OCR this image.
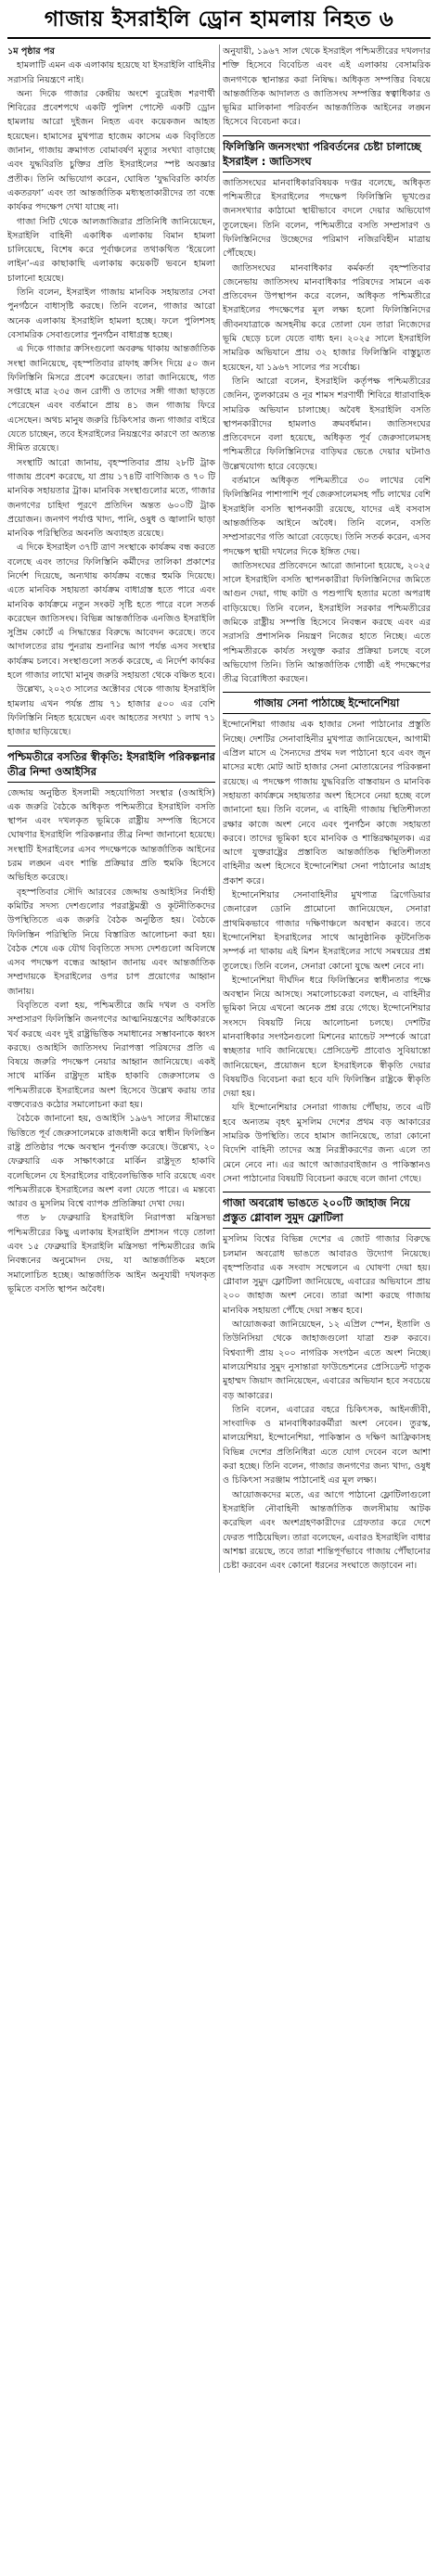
গাজায় ইসরাইলি ড্রোন হামলায় নিহত ৬

১ম পৃষ্ঠার পর

হামলাটি এমন এক এলাকায় হয়েছে যা ইসরাইলি বাহিনীর সরাসরি নিয়ন্ত্রণে নাই।

অন্য দিকে গাজার কেন্দ্রীয় অংশে বুরেইজ শরণার্থী শিবিরের প্রবেশপথে একটি পুলিশ পোস্টে একটি ড্রোন হামলায় আরো দুইজন নিহত এবং কয়েকজন আহত হয়েছেন। হামাসের মুখপাত্র হাজেম কাসেম এক বিবৃতিতে জানান, গাজায় ক্রমাগত বোমাবর্ষণ মৃত্যুর সংখ্যা বাড়াচ্ছে এবং যুদ্ধবিরতি চুক্তির প্রতি ইসরাইলের স্পষ্ট অবজ্ঞার প্রতীক। তিনি অভিযোগ করেন, ঘোষিত ‘যুদ্ধবিরতি কার্যত একতরফা’ এবং তা আন্তর্জাতিক মধ্যস্থতাকারীদের তা বন্ধে কার্যকর পদক্ষেপ দেখা যাচ্ছে না।

গাজা সিটি থেকে আলজাজিরার প্রতিনিধি জানিয়েছেন, ইসরাইলি বাহিনী একাধিক এলাকায় বিমান হামলা চালিয়েছে, বিশেষ করে পূর্বাঞ্চলের তথাকথিত ‘ইয়েলো লাইন’-এর কাছাকাছি এলাকায় কয়েকটি ভবনে হামলা চালানো হয়েছে।

তিনি বলেন, ইসরাইল গাজায় মানবিক সহায়তার সেবা পুনর্গঠনে বাধাসৃষ্টি করছে। তিনি বলেন, গাজার আরো অনেক এলাকায় ইসরাইলি হামলা হচ্ছে। ফলে পুলিশসহ বেসামরিক সেবাগুলোর পুনর্গঠন বাধাগ্রস্ত হচ্ছে।

এ দিকে গাজার ক্রসিংগুলো অবরুদ্ধ থাকায় আন্তর্জাতিক সংস্থা জানিয়েছে, বৃহস্পতিবার রাফাহ ক্রসিং দিয়ে ৫০ জন ফিলিস্তিনি মিসরে প্রবেশ করেছেন। তারা জানিয়েছে, গত সপ্তাহে মাত্র ২৩৫ জন রোগী ও তাদের সঙ্গী গাজা ছাড়তে পেরেছেন এবং বর্তমানে প্রায় ৪১ জন গাজায় ফিরে এসেছেন। অথচ মানুষ জরুরি চিকিৎসার জন্য গাজার বাইরে যেতে চাচ্ছেন, তবে ইসরাইলের নিয়ন্ত্রণের কারণে তা অত্যন্ত সীমিত রয়েছে।

সংস্থাটি আরো জানায়, বৃহস্পতিবার প্রায় ২৮টি ট্রাক গাজায় প্রবেশ করেছে, যা প্রায় ১৭৪টি বাণিজ্যিক ও ৭০ টি মানবিক সহায়তার ট্রাক। মানবিক সংস্থাগুলোর মতে, গাজার জনগণের চাহিদা পূরণে প্রতিদিন অন্তত ৬০০টি ট্রাক প্রয়োজন। জনগণ পর্যাপ্ত খাদ্য, পানি, ওষুধ ও জ্বালানি ছাড়া মানবিক পরিস্থিতির অবনতি অব্যাহত রয়েছে।

এ দিকে ইসরাইল ৩৭টি ত্রাণ সংস্থাকে কার্যক্রম বন্ধ করতে বলেছে এবং তাদের ফিলিস্তিনি কর্মীদের তালিকা প্রকাশের নির্দেশ দিয়েছে, অন্যথায় কার্যক্রম বন্ধের হুমকি দিয়েছে। এতে মানবিক সহায়তা কার্যক্রম বাধাগ্রস্ত হতে পারে এবং মানবিক কার্যক্রমে নতুন সংকট সৃষ্টি হতে পারে বলে সতর্ক করেছেন জাতিসংঘ। বিভিন্ন আন্তর্জাতিক এনজিও ইসরাইলি সুপ্রিম কোর্টে এ সিদ্ধান্তের বিরুদ্ধে আবেদন করেছে। তবে আদালতের রায় পুনরায় শুনানির আগ পর্যন্ত এসব সংস্থার কার্যক্রম চলবে। সংস্থাগুলো সতর্ক করেছে, এ নির্দেশ কার্যকর হলে গাজার লাখো মানুষ জরুরি সহায়তা থেকে বঞ্চিত হবে।

উল্লেখ্য, ২০২৩ সালের অক্টোবর থেকে গাজায় ইসরাইলি হামলায় এখন পর্যন্ত প্রায় ৭১ হাজার ৫০০ এর বেশি ফিলিস্তিনি নিহত হয়েছেন এবং আহতের সংখ্যা ১ লাখ ৭১ হাজার ছাড়িয়েছে।

পশ্চিমতীরে বসতির স্বীকৃতি: ইসরাইলি পরিকল্পনার তীব্র নিন্দা ওআইসির

জেদ্দায় অনুষ্ঠিত ইসলামী সহযোগিতা সংস্থার (ওআইসি) এক জরুরি বৈঠকে অধিকৃত পশ্চিমতীরে ইসরাইলি বসতি স্থাপন এবং দখলকৃত ভূমিকে রাষ্ট্রীয় সম্পত্তি হিসেবে ঘোষণার ইসরাইলি পরিকল্পনার তীব্র নিন্দা জানানো হয়েছে। সংস্থাটি ইসরাইলের এসব পদক্ষেপকে আন্তর্জাতিক আইনের চরম লঙ্ঘন এবং শান্তি প্রক্রিয়ার প্রতি হুমকি হিসেবে অভিহিত করেছে।

বৃহস্পতিবার সৌদি আরবের জেদ্দায় ওআইসির নির্বাহী কমিটির সদস্য দেশগুলোর পররাষ্ট্রমন্ত্রী ও কূটনীতিকদের উপস্থিতিতে এক জরুরি বৈঠক অনুষ্ঠিত হয়। বৈঠকে ফিলিস্তিন পরিস্থিতি নিয়ে বিস্তারিত আলোচনা করা হয়। বৈঠক শেষে এক যৌথ বিবৃতিতে সদস্য দেশগুলো অবিলম্বে এসব পদক্ষেপ বন্ধের আহ্বান জানায় এবং আন্তর্জাতিক সম্প্রদায়কে ইসরাইলের ওপর চাপ প্রয়োগের আহ্বান জানায়।

বিবৃতিতে বলা হয়, পশ্চিমতীরে জমি দখল ও বসতি সম্প্রসারণ ফিলিস্তিনি জনগণের আত্মনিয়ন্ত্রণের অধিকারকে খর্ব করছে এবং দুই রাষ্ট্রভিত্তিক সমাধানের সম্ভাবনাকে ধ্বংস করছে। ওআইসি জাতিসংঘ নিরাপত্তা পরিষদের প্রতি এ বিষয়ে জরুরি পদক্ষেপ নেয়ার আহ্বান জানিয়েছে। একই সাথে মার্কিন রাষ্ট্রদূত মাইক হাকাবি জেরুসালেম ও পশ্চিমতীরকে ইসরাইলের অংশ হিসেবে উল্লেখ করায় তার বক্তব্যেরও কঠোর সমালোচনা করা হয়।

বৈঠকে জানানো হয়, ওআইসি ১৯৬৭ সালের সীমান্তের ভিত্তিতে পূর্ব জেরুসালেমকে রাজধানী করে স্বাধীন ফিলিস্তিন রাষ্ট্র প্রতিষ্ঠার পক্ষে অবস্থান পুনর্ব্যক্ত করেছে। উল্লেখ্য, ২০ ফেব্রুয়ারি এক সাক্ষাৎকারে মার্কিন রাষ্ট্রদূত হাকাবি বলেছিলেন যে ইসরাইলের বাইবেলভিত্তিক দাবি রয়েছে এবং পশ্চিমতীরকে ইসরাইলের অংশ বলা যেতে পারে। এ মন্তব্যে আরব ও মুসলিম বিশ্বে ব্যাপক প্রতিক্রিয়া দেখা দেয়।

গত ৮ ফেব্রুয়ারি ইসরাইলি নিরাপত্তা মন্ত্রিসভা পশ্চিমতীরের কিছু এলাকায় ইসরাইলি প্রশাসন গড়ে তোলা এবং ১৫ ফেব্রুয়ারি ইসরাইলি মন্ত্রিসভা পশ্চিমতীরের জমি নিবন্ধনের অনুমোদন দেয়, যা আন্তর্জাতিক মহলে সমালোচিত হচ্ছে। আন্তর্জাতিক আইন অনুযায়ী দখলকৃত ভূমিতে বসতি স্থাপন অবৈধ।

অনুযায়ী, ১৯৬৭ সাল থেকে ইসরাইল পশ্চিমতীরের দখলদার শক্তি হিসেবে বিবেচিত এবং এই এলাকায় বেসামরিক জনগণকে স্থানান্তর করা নিষিদ্ধ। অধিকৃত সম্পত্তির বিষয়ে আন্তর্জাতিক আদালত ও জাতিসংঘ সম্পত্তির স্বত্বাধিকার ও ভূমির মালিকানা পরিবর্তন আন্তর্জাতিক আইনের লঙ্ঘন হিসেবে বিবেচনা করে।

ফিলিস্তিনি জনসংখ্যা পরিবর্তনের চেষ্টা চালাচ্ছে ইসরাইল : জাতিসংঘ

জাতিসংঘের মানবাধিকারবিষয়ক দপ্তর বলেছে, অধিকৃত পশ্চিমতীরে ইসরাইলের পদক্ষেপ ফিলিস্তিনি ভূখণ্ডের জনসংখ্যার কাঠামো স্থায়ীভাবে বদলে দেয়ার অভিযোগ তুলেছেন। তিনি বলেন, পশ্চিমতীরে বসতি সম্প্রসারণ ও ফিলিস্তিনিদের উচ্ছেদের পরিমাণ নজিরবিহীন মাত্রায় পৌঁছেছে।

জাতিসংঘের মানবাধিকার কর্মকর্তা বৃহস্পতিবার জেনেভায় জাতিসংঘ মানবাধিকার পরিষদের সামনে এক প্রতিবেদন উপস্থাপন করে বলেন, অধিকৃত পশ্চিমতীরে ইসরাইলের পদক্ষেপের মূল লক্ষ্য হলো ফিলিস্তিনিদের জীবনযাত্রাকে অসহনীয় করে তোলা যেন তারা নিজেদের ভূমি ছেড়ে চলে যেতে বাধ্য হন। ২০২৫ সালে ইসরাইলি সামরিক অভিযানে প্রায় ৩২ হাজার ফিলিস্তিনি বাস্তুচ্যুত হয়েছেন, যা ১৯৬৭ সালের পর সর্বোচ্চ।

তিনি আরো বলেন, ইসরাইলি কর্তৃপক্ষ পশ্চিমতীরের জেনিন, তুলকারেম ও নূর শামস শরণার্থী শিবিরে ধারাবাহিক সামরিক অভিযান চালাচ্ছে। অবৈধ ইসরাইলি বসতি স্থাপনকারীদের হামলাও ক্রমবর্ধমান। জাতিসংঘের প্রতিবেদনে বলা হয়েছে, অধিকৃত পূর্ব জেরুসালেমসহ পশ্চিমতীরে ফিলিস্তিনিদের বাড়িঘর ভেঙে দেয়ার ঘটনাও উল্লেখযোগ্য হারে বেড়েছে।

বর্তমানে অধিকৃত পশ্চিমতীরে ৩০ লাখের বেশি ফিলিস্তিনির পাশাপাশি পূর্ব জেরুসালেমসহ পাঁচ লাখের বেশি ইসরাইলি বসতি স্থাপনকারী রয়েছে, যাদের এই বসবাস আন্তর্জাতিক আইনে অবৈধ। তিনি বলেন, বসতি সম্প্রসারণের গতি আরো বেড়েছে। তিনি সতর্ক করেন, এসব পদক্ষেপ স্থায়ী দখলের দিকে ইঙ্গিত দেয়।

জাতিসংঘের প্রতিবেদনে আরো জানানো হয়েছে, ২০২৫ সালে ইসরাইলি বসতি স্থাপনকারীরা ফিলিস্তিনিদের জমিতে আগুন দেয়া, গাছ কাটা ও পশুপাখি হত্যার মতো অপরাধ বাড়িয়েছে। তিনি বলেন, ইসরাইলি সরকার পশ্চিমতীরের জমিকে রাষ্ট্রীয় সম্পত্তি হিসেবে নিবন্ধন করছে এবং এর সরাসরি প্রশাসনিক নিয়ন্ত্রণ নিজের হাতে নিচ্ছে। এতে পশ্চিমতীরকে কার্যত সংযুক্ত করার প্রক্রিয়া চলছে বলে অভিযোগ তিনি। তিনি আন্তর্জাতিক গোষ্ঠী এই পদক্ষেপের তীব্র বিরোধিতা করছেন।

গাজায় সেনা পাঠাচ্ছে ইন্দোনেশিয়া

ইন্দোনেশিয়া গাজায় এক হাজার সেনা পাঠানোর প্রস্তুতি নিচ্ছে। দেশটির সেনাবাহিনীর মুখপাত্র জানিয়েছেন, আগামী এপ্রিল মাসে এ সৈন্যদের প্রথম দল পাঠানো হবে এবং জুন মাসের মধ্যে মোট আট হাজার সেনা মোতায়েনের পরিকল্পনা রয়েছে। এ পদক্ষেপ গাজায় যুদ্ধবিরতি বাস্তবায়ন ও মানবিক সহায়তা কার্যক্রমে সহায়তার অংশ হিসেবে নেয়া হচ্ছে বলে জানানো হয়। তিনি বলেন, এ বাহিনী গাজায় স্থিতিশীলতা রক্ষার কাজে অংশ নেবে এবং পুনর্গঠন কাজে সহায়তা করবে। তাদের ভূমিকা হবে মানবিক ও শান্তিরক্ষামূলক। এর আগে যুক্তরাষ্ট্রের প্রস্তাবিত আন্তর্জাতিক স্থিতিশীলতা বাহিনীর অংশ হিসেবে ইন্দোনেশিয়া সেনা পাঠানোর আগ্রহ প্রকাশ করে।

ইন্দোনেশিয়ার সেনাবাহিনীর মুখপাত্র ব্রিগেডিয়ার জেনারেল ডোনি প্রামোনো জানিয়েছেন, সেনারা প্রাথমিকভাবে গাজার দক্ষিণাঞ্চলে অবস্থান করবে। তবে ইন্দোনেশিয়া ইসরাইলের সাথে আনুষ্ঠানিক কূটনৈতিক সম্পর্ক না থাকায় এই মিশন ইসরাইলের সাথে সমন্বয়ের প্রশ্ন তুলেছে। তিনি বলেন, সেনারা কোনো যুদ্ধে অংশ নেবে না।

ইন্দোনেশিয়া দীর্ঘদিন ধরে ফিলিস্তিনের স্বাধীনতার পক্ষে অবস্থান নিয়ে আসছে। সমালোচকেরা বলছেন, এ বাহিনীর ভূমিকা নিয়ে এখনো অনেক প্রশ্ন রয়ে গেছে। ইন্দোনেশিয়ার সংসদে বিষয়টি নিয়ে আলোচনা চলছে। দেশটির মানবাধিকার সংগঠনগুলো মিশনের ম্যান্ডেট সম্পর্কে আরো স্বচ্ছতার দাবি জানিয়েছে। প্রেসিডেন্ট প্রাবোও সুবিয়ান্তো জানিয়েছেন, প্রয়োজন হলে ইসরাইলকে স্বীকৃতি দেয়ার বিষয়টিও বিবেচনা করা হবে যদি ফিলিস্তিন রাষ্ট্রকে স্বীকৃতি দেয়া হয়।

যদি ইন্দোনেশিয়ার সেনারা গাজায় পৌঁছায়, তবে এটি হবে অন্যতম বৃহৎ মুসলিম দেশের প্রথম বড় আকারের সামরিক উপস্থিতি। তবে হামাস জানিয়েছে, তারা কোনো বিদেশি বাহিনী তাদের অস্ত্র নিরস্ত্রীকরণের জন্য এলে তা মেনে নেবে না। এর আগে আজারবাইজান ও পাকিস্তানও সেনা পাঠানোর বিষয়টি বিবেচনা করছে বলে জানা গেছে।

গাজা অবরোধ ভাঙতে ২০০টি জাহাজ নিয়ে প্রস্তুত গ্লোবাল সুমুদ ফ্লোটিলা

মুসলিম বিশ্বের বিভিন্ন দেশের এ জোট গাজার বিরুদ্ধে চলমান অবরোধ ভাঙতে আবারও উদ্যোগ নিয়েছে। বৃহস্পতিবার এক সংবাদ সম্মেলনে এ ঘোষণা দেয়া হয়। গ্লোবাল সুমুদ ফ্লোটিলা জানিয়েছে, এবারের অভিযানে প্রায় ২০০ জাহাজ অংশ নেবে। তারা আশা করছে গাজায় মানবিক সহায়তা পৌঁছে দেয়া সম্ভব হবে।

আয়োজকরা জানিয়েছেন, ১২ এপ্রিল স্পেন, ইতালি ও তিউনিসিয়া থেকে জাহাজগুলো যাত্রা শুরু করবে। বিশ্বব্যাপী প্রায় ২০০ নাগরিক সংগঠন এতে অংশ নিচ্ছে। মালয়েশিয়ার সুমুদ নুসান্তারা ফাউন্ডেশনের প্রেসিডেন্ট দাতুক মুহাম্মদ জিয়াদ জানিয়েছেন, এবারের অভিযান হবে সবচেয়ে বড় আকারের।

তিনি বলেন, এবারের বহরে চিকিৎসক, আইনজীবী, সাংবাদিক ও মানবাধিকারকর্মীরা অংশ নেবেন। তুরস্ক, মালয়েশিয়া, ইন্দোনেশিয়া, পাকিস্তান ও দক্ষিণ আফ্রিকাসহ বিভিন্ন দেশের প্রতিনিধিরা এতে যোগ দেবেন বলে আশা করা হচ্ছে। তিনি বলেন, গাজার জনগণের জন্য খাদ্য, ওষুধ ও চিকিৎসা সরঞ্জাম পাঠানোই এর মূল লক্ষ্য।

আয়োজকদের মতে, এর আগে পাঠানো ফ্লোটিলাগুলো ইসরাইলি নৌবাহিনী আন্তর্জাতিক জলসীমায় আটক করেছিল এবং অংশগ্রহণকারীদের গ্রেফতার করে দেশে ফেরত পাঠিয়েছিল। তারা বলেছেন, এবারও ইসরাইলি বাধার আশঙ্কা রয়েছে, তবে তারা শান্তিপূর্ণভাবে গাজায় পৌঁছানোর চেষ্টা করবেন এবং কোনো ধরনের সংঘাতে জড়াবেন না।
